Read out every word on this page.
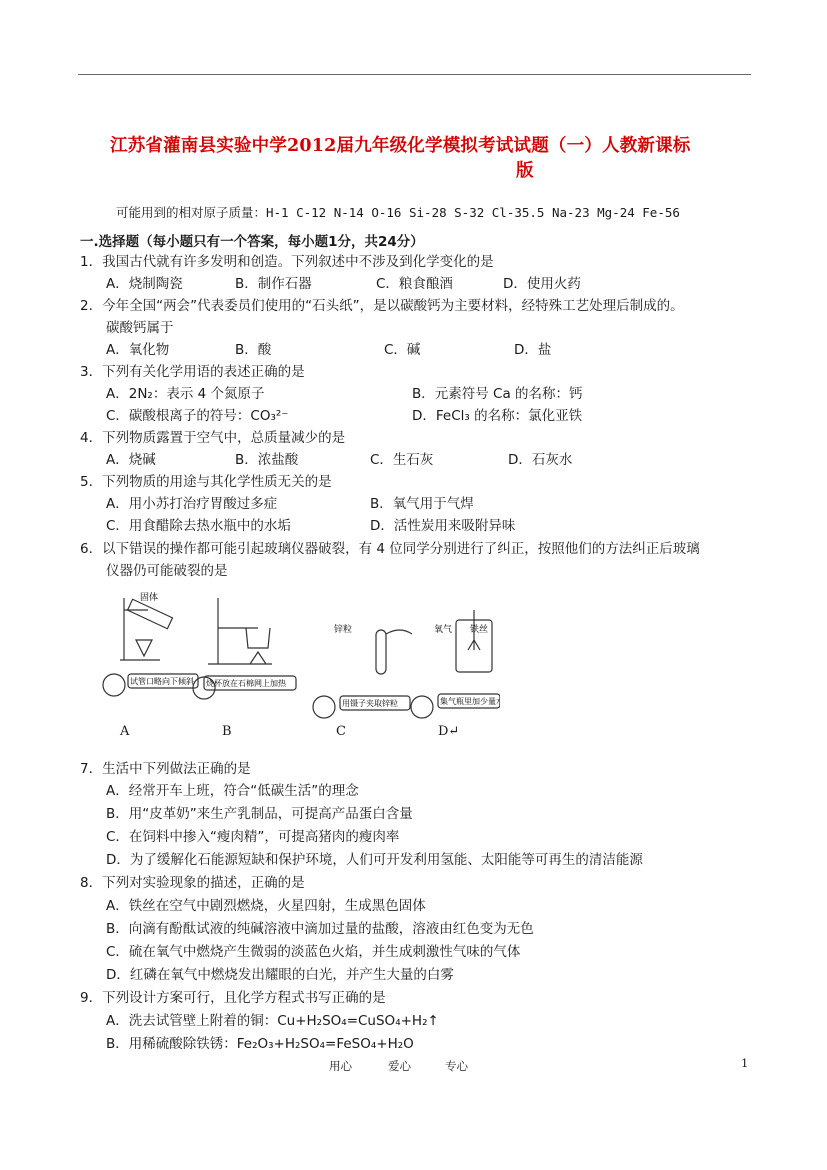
江苏省灌南县实验中学2012届九年级化学模拟考试试题（一）人教新课标
版
可能用到的相对原子质量：H-1 C-12 N-14 O-16 Si-28 S-32 Cl-35.5 Na-23 Mg-24 Fe-56
一.选择题（每小题只有一个答案，每小题1分，共24分）
1．我国古代就有许多发明和创造。下列叙述中不涉及到化学变化的是
A．烧制陶瓷	B．制作石器	C．粮食酿酒	D．使用火药
2．今年全国“两会”代表委员们使用的“石头纸”，是以碳酸钙为主要材料，经特殊工艺处理后制成的。
碳酸钙属于
A．氧化物	B．酸	C．碱	D．盐
3．下列有关化学用语的表述正确的是
A．2N₂：表示 4 个氮原子	B．元素符号 Ca 的名称：钙
C．碳酸根离子的符号：CO₃²⁻	D．FeCl₃ 的名称：氯化亚铁
4．下列物质露置于空气中，总质量减少的是
A．烧碱	B．浓盐酸	C．生石灰	D．石灰水
5．下列物质的用途与其化学性质无关的是
A．用小苏打治疗胃酸过多症	B．氧气用于气焊
C．用食醋除去热水瓶中的水垢	D．活性炭用来吸附异味
6．以下错误的操作都可能引起玻璃仪器破裂，有 4 位同学分别进行了纠正，按照他们的方法纠正后玻璃
仪器仍可能破裂的是
固体
试管口略向下倾斜 烧杯放在石棉网上加热
锌粒
用镊子夹取锌粒
氧气 铁丝
集气瓶里加少量水
A	B	C	D↵
7．生活中下列做法正确的是
A．经常开车上班，符合“低碳生活”的理念
B．用“皮革奶”来生产乳制品，可提高产品蛋白含量
C．在饲料中掺入“瘦肉精”，可提高猪肉的瘦肉率
D．为了缓解化石能源短缺和保护环境，人们可开发利用氢能、太阳能等可再生的清洁能源
8．下列对实验现象的描述，正确的是
A．铁丝在空气中剧烈燃烧，火星四射，生成黑色固体
B．向滴有酚酞试液的纯碱溶液中滴加过量的盐酸，溶液由红色变为无色
C．硫在氧气中燃烧产生微弱的淡蓝色火焰，并生成刺激性气味的气体
D．红磷在氧气中燃烧发出耀眼的白光，并产生大量的白雾
9．下列设计方案可行，且化学方程式书写正确的是
A．洗去试管壁上附着的铜：Cu+H₂SO₄=CuSO₄+H₂↑
B．用稀硫酸除铁锈：Fe₂O₃+H₂SO₄=FeSO₄+H₂O
用心	爱心	专心	1
